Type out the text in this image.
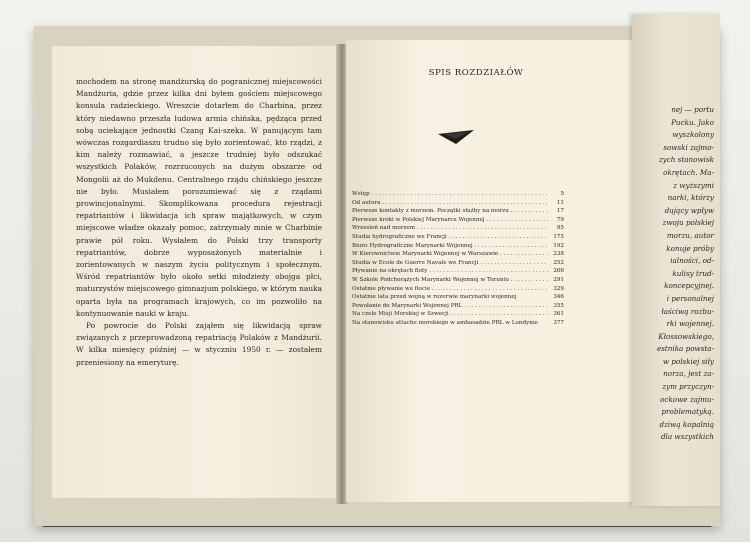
mochodem na stronę mandżurską do pogranicznej miejscowości Mandżuria, gdzie przez kilka dni byłem gościem miejscowego konsula radzieckiego. Wreszcie dotarłem do Charbina, przez który niedawno przeszła ludowa armia chińska, pędząca przed sobą uciekające jednostki Czang Kai-szeka. W panującym tam wówczas rozgardiaszu trudno się było zorientować, kto rządzi, z kim należy rozmawiać, a jeszcze trudniej było odszukać wszystkich Polaków, rozrzuconych na dużym obszarze od Mongolii aż do Mukdenu. Centralnego rządu chińskiego jeszcze nie było. Musiałem porozumiewać się z rządami prowincjonalnymi. Skomplikowana procedura rejestracji repatriantów i likwidacja ich spraw majątkowych, w czym miejscowe władze okazały pomoc, zatrzymały mnie w Charbinie prawie pół roku. Wysłałem do Polski trzy transporty repatriantów, dobrze wyposażonych materialnie i zorientowanych w naszym życiu politycznym i społecznym. Wśród repatriantów było około setki młodzieży obojga płci, maturzystów miejscowego gimnazjum polskiego, w którym nauka oparta była na programach krajowych, co im pozwoliło na kontynuowanie nauki w kraju.

Po powrocie do Polski zająłem się likwidacją spraw związanych z przeprowadzoną repatriacją Polaków z Mandżurii. W kilka miesięcy później — w styczniu 1950 r. — zostałem przeniesiony na emeryturę.

SPIS ROZDZIAŁÓW
Wstęp . . .	5
Od autora . . .	11
Pierwsze kontakty z morzem. Początki służby na morzu . . .	17
Pierwsze kroki w Polskiej Marynarce Wojennej . . .	79
Wrzesień nad morzem . . .	95
Studia hydrograficzne we Francji . . .	175
Biuro Hydrograficzne Marynarki Wojennej . . .	192
W Kierownictwie Marynarki Wojennej w Warszawie . . .	238
Studia w Ecole de Guerre Navale we Francji . . .	252
Pływanie na okrętach floty . . .	266
W Szkole Podchorążych Marynarki Wojennej w Toruniu . . .	291
Ostatnie pływanie we flocie . . .	329
Ostatnie lata przed wojną w rezerwie marynarki wojennej	346
Powołanie do Marynarki Wojennej PRL . . .	355
Na czele Misji Morskiej w Szwecji . . .	361
Na stanowisku attache morskiego w ambasadzie PRL w Londynie	377
nej — portu
Pucku. Jako
wyszkolony
sowski zajmo-
zych stanowisk
okrętach. Ma-
z wyższymi
narki, którzy
dujący wpływ
zwoju polskiej
morzu, autor
konuje próby
ialności, od-
kulisy trud-
koncepcyjnej.
i personalnej
łaściwą rozbu-
rki wojennej.
Kłossowskiego,
estnika powsta-
w polskiej siły
norza, jest za-
zym przyczyn-
ockowe zajmu-
problematyką.
dziwą kopalnią
dla wszystkich
